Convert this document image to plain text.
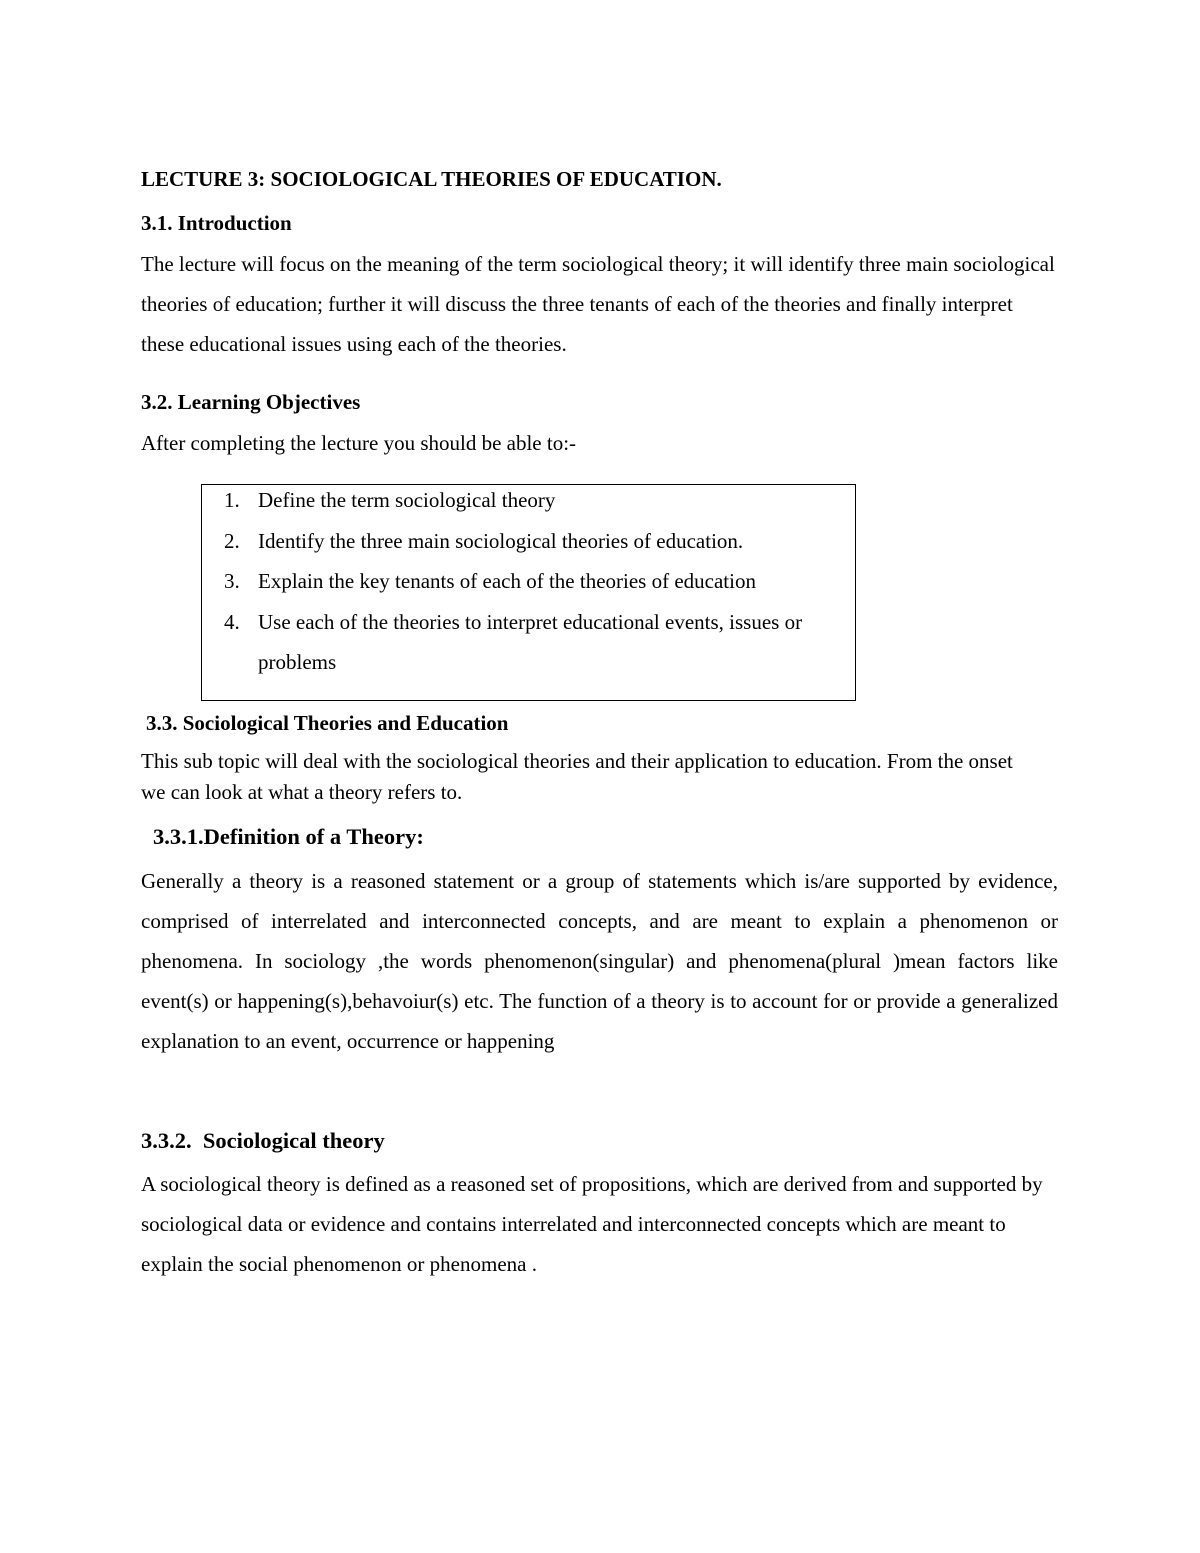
LECTURE 3: SOCIOLOGICAL THEORIES OF EDUCATION.
3.1. Introduction

The lecture will focus on the meaning of the term sociological theory; it will identify three main sociological theories of education; further it will discuss the three tenants of each of the theories and finally interpret these educational issues using each of the theories.

3.2. Learning Objectives

After completing the lecture you should be able to:-

1. Define the term sociological theory
2. Identify the three main sociological theories of education.
3. Explain the key tenants of each of the theories of education
4. Use each of the theories to interpret educational events, issues or problems
3.3. Sociological Theories and Education

This sub topic will deal with the sociological theories and their application to education. From the onset we can look at what a theory refers to.

3.3.1.Definition of a Theory:

Generally a theory is a reasoned statement or a group of statements which is/are supported by evidence, comprised of interrelated and interconnected concepts, and are meant to explain a phenomenon or phenomena. In sociology ,the words phenomenon(singular) and phenomena(plural )mean factors like event(s) or happening(s),behavoiur(s) etc. The function of a theory is to account for or provide a generalized explanation to an event, occurrence or happening

3.3.2.  Sociological theory

A sociological theory is defined as a reasoned set of propositions, which are derived from and supported by sociological data or evidence and contains interrelated and interconnected concepts which are meant to explain the social phenomenon or phenomena .
